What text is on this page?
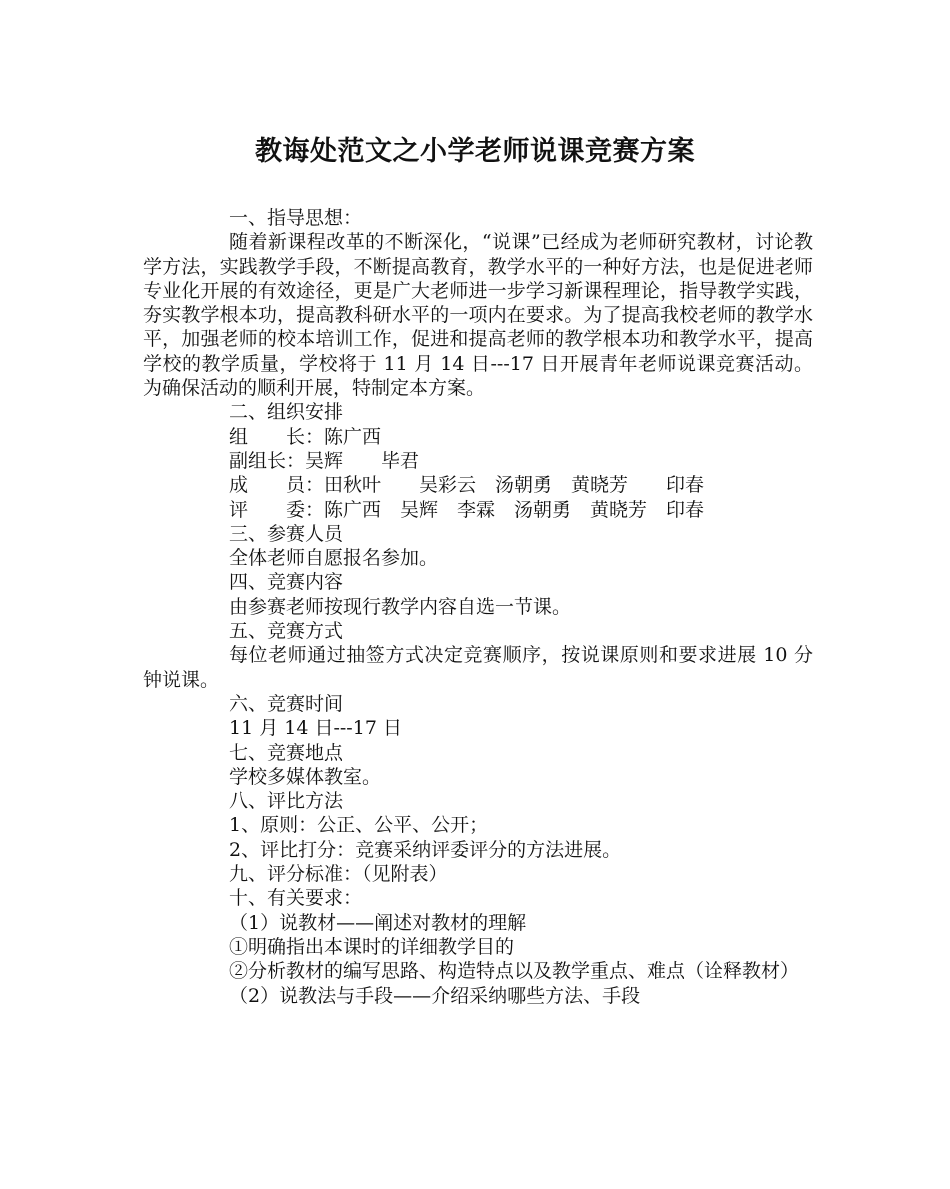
教诲处范文之小学老师说课竞赛方案

一、指导思想：

随着新课程改革的不断深化，“说课”已经成为老师研究教材，讨论教学方法，实践教学手段，不断提高教育，教学水平的一种好方法，也是促进老师专业化开展的有效途径，更是广大老师进一步学习新课程理论，指导教学实践，夯实教学根本功，提高教科研水平的一项内在要求。为了提高我校老师的教学水平，加强老师的校本培训工作，促进和提高老师的教学根本功和教学水平，提高学校的教学质量，学校将于 11 月 14 日---17 日开展青年老师说课竞赛活动。为确保活动的顺利开展，特制定本方案。

二、组织安排

组　　长：陈广西

副组长：吴辉　　毕君

成　　员：田秋叶　　吴彩云　汤朝勇　黄晓芳　　印春

评　　委：陈广西　吴辉　李霖　汤朝勇　黄晓芳　印春

三、参赛人员

全体老师自愿报名参加。

四、竞赛内容

由参赛老师按现行教学内容自选一节课。

五、竞赛方式

每位老师通过抽签方式决定竞赛顺序，按说课原则和要求进展 10 分钟说课。

六、竞赛时间

11 月 14 日---17 日

七、竞赛地点

学校多媒体教室。

八、评比方法

1、原则：公正、公平、公开；

2、评比打分：竞赛采纳评委评分的方法进展。

九、评分标准：（见附表）

十、有关要求：

（1）说教材——阐述对教材的理解

①明确指出本课时的详细教学目的

②分析教材的编写思路、构造特点以及教学重点、难点（诠释教材）

（2）说教法与手段——介绍采纳哪些方法、手段
